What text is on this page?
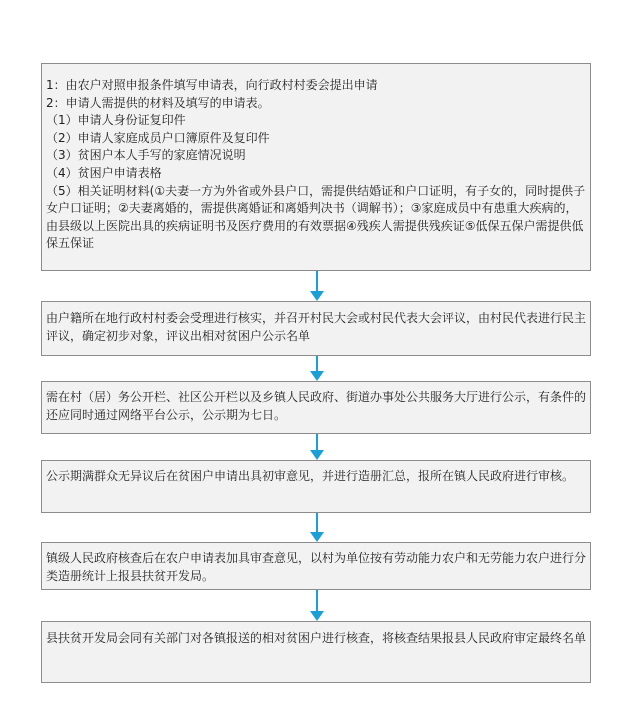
1：由农户对照申报条件填写申请表，向行政村村委会提出申请

2：申请人需提供的材料及填写的申请表。

（1）申请人身份证复印件

（2）申请人家庭成员户口簿原件及复印件

（3）贫困户本人手写的家庭情况说明

（4）贫困户申请表格

（5）相关证明材料(①夫妻一方为外省或外县户口，需提供结婚证和户口证明，有子女的，同时提供子女户口证明；②夫妻离婚的，需提供离婚证和离婚判决书（调解书）；③家庭成员中有患重大疾病的，由县级以上医院出具的疾病证明书及医疗费用的有效票据④残疾人需提供残疾证⑤低保五保户需提供低保五保证

由户籍所在地行政村村委会受理进行核实，并召开村民大会或村民代表大会评议，由村民代表进行民主评议，确定初步对象，评议出相对贫困户公示名单

需在村（居）务公开栏、社区公开栏以及乡镇人民政府、街道办事处公共服务大厅进行公示，有条件的还应同时通过网络平台公示，公示期为七日。

公示期满群众无异议后在贫困户申请出具初审意见，并进行造册汇总，报所在镇人民政府进行审核。

镇级人民政府核查后在农户申请表加具审查意见，以村为单位按有劳动能力农户和无劳能力农户进行分类造册统计上报县扶贫开发局。

县扶贫开发局会同有关部门对各镇报送的相对贫困户进行核查，将核查结果报县人民政府审定最终名单
